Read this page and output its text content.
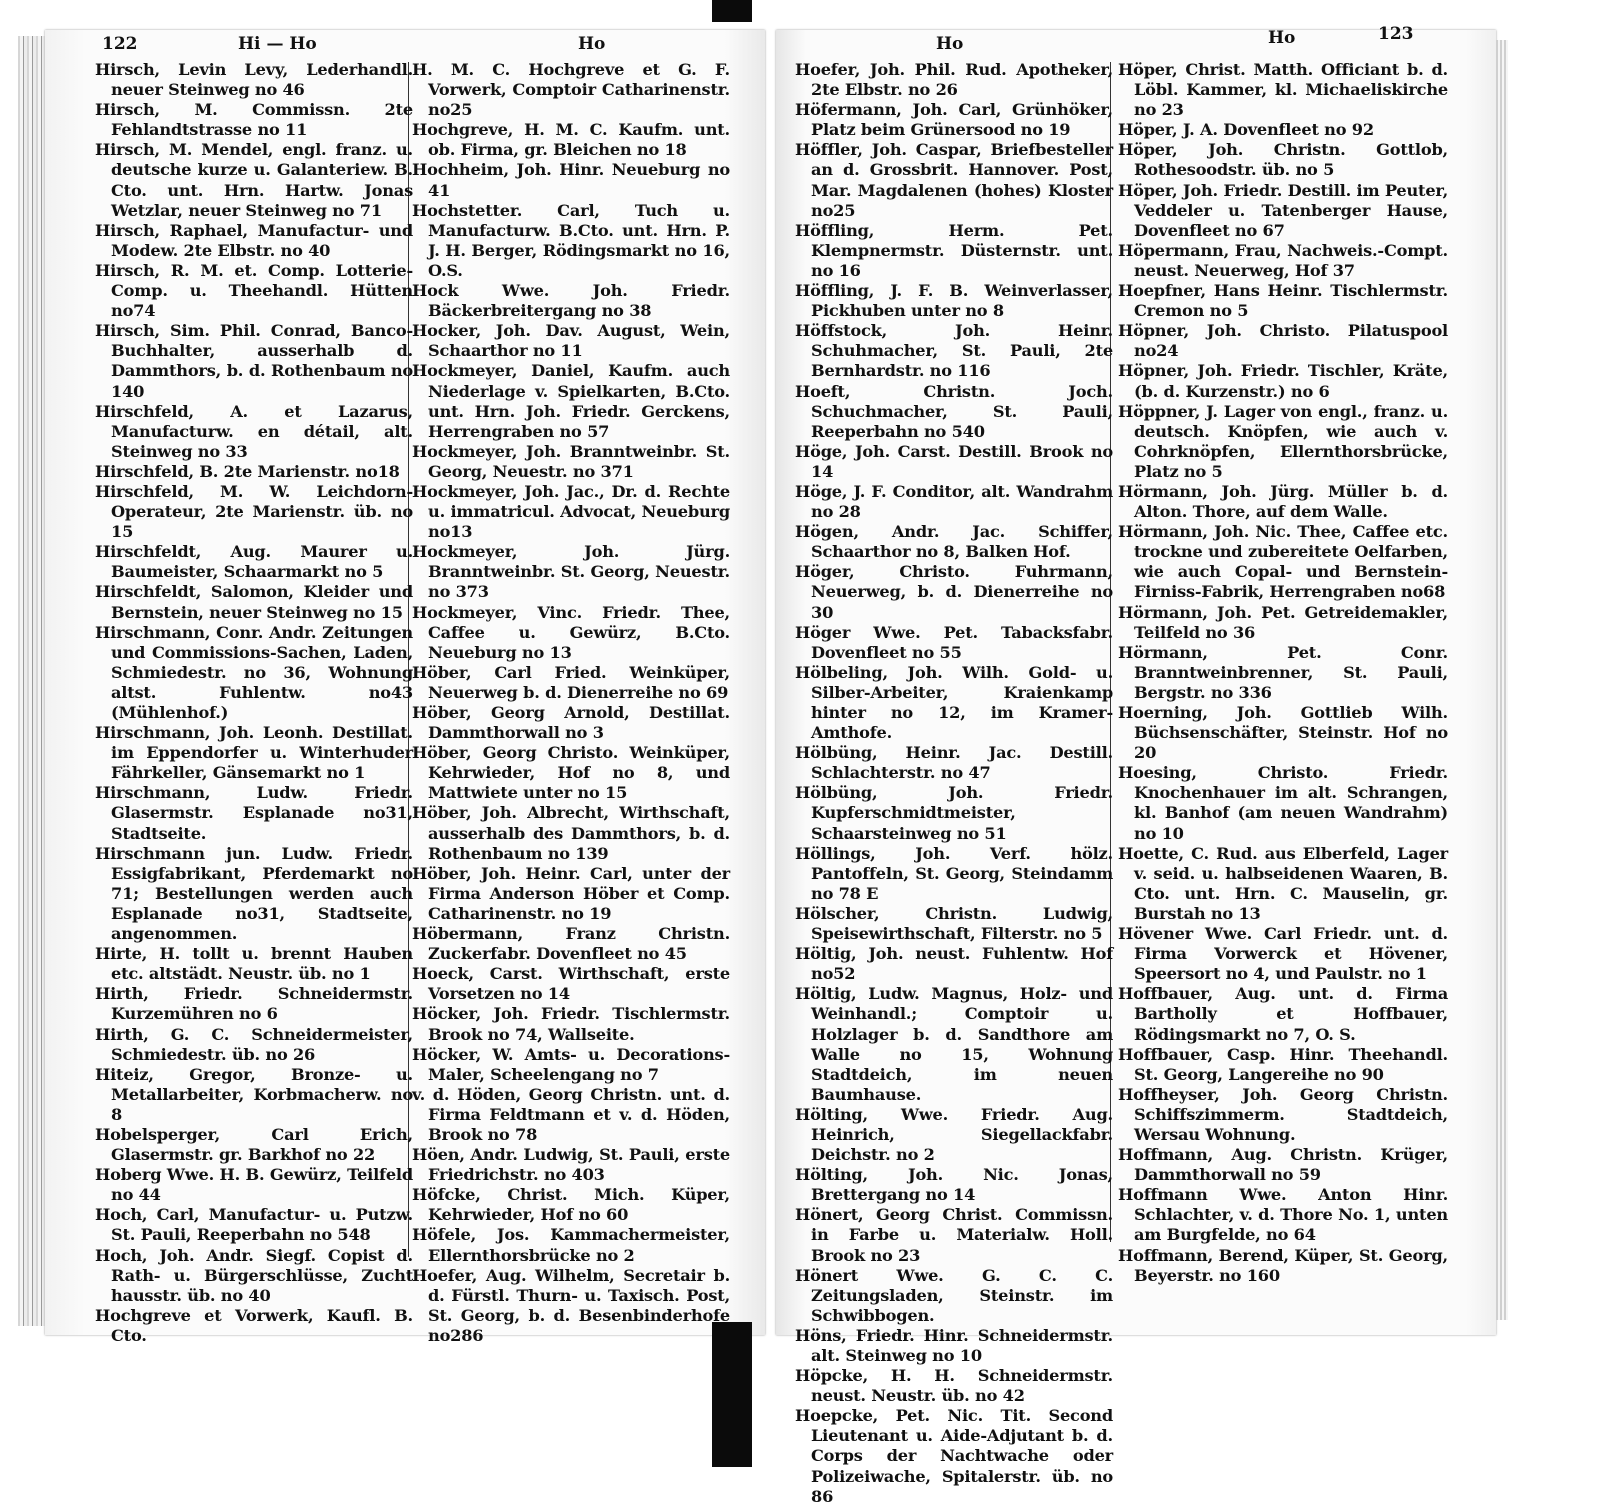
122	Hi — Ho	Ho	Ho	Ho	123
Hirsch, Levin Levy, Lederhandl. neuer Steinweg no 46
Hirsch, M. Commissn. 2te Fehlandtstrasse no 11
Hirsch, M. Mendel, engl. franz. u. deutsche kurze u. Galanteriew. B. Cto. unt. Hrn. Hartw. Jonas Wetzlar, neuer Steinweg no 71
Hirsch, Raphael, Manufactur- und Modew. 2te Elbstr. no 40
Hirsch, R. M. et. Comp. Lotterie-Comp. u. Theehandl. Hütten no74
Hirsch, Sim. Phil. Conrad, Banco-Buchhalter, ausserhalb d. Dammthors, b. d. Rothenbaum no 140
Hirschfeld, A. et Lazarus, Manufacturw. en détail, alt. Steinweg no 33
Hirschfeld, B. 2te Marienstr. no18
Hirschfeld, M. W. Leichdorn-Operateur, 2te Marienstr. üb. no 15
Hirschfeldt, Aug. Maurer u. Baumeister, Schaarmarkt no 5
Hirschfeldt, Salomon, Kleider und Bernstein, neuer Steinweg no 15
Hirschmann, Conr. Andr. Zeitungen und Commissions-Sachen, Laden, Schmiedestr. no 36, Wohnung altst. Fuhlentw. no43 (Mühlenhof.)
Hirschmann, Joh. Leonh. Destillat. im Eppendorfer u. Winterhuder Fährkeller, Gänsemarkt no 1
Hirschmann, Ludw. Friedr. Glasermstr. Esplanade no31, Stadtseite.
Hirschmann jun. Ludw. Friedr. Essigfabrikant, Pferdemarkt no 71; Bestellungen werden auch Esplanade no31, Stadtseite, angenommen.
Hirte, H. tollt u. brennt Hauben etc. altstädt. Neustr. üb. no 1
Hirth, Friedr. Schneidermstr. Kurzemühren no 6
Hirth, G. C. Schneidermeister, Schmiedestr. üb. no 26
Hiteiz, Gregor, Bronze- u. Metallarbeiter, Korbmacherw. no 8
Hobelsperger, Carl Erich, Glasermstr. gr. Barkhof no 22
Hoberg Wwe. H. B. Gewürz, Teilfeld no 44
Hoch, Carl, Manufactur- u. Putzw. St. Pauli, Reeperbahn no 548
Hoch, Joh. Andr. Siegf. Copist d. Rath- u. Bürgerschlüsse, Zucht hausstr. üb. no 40
Hochgreve et Vorwerk, Kaufl. B. Cto.
H. M. C. Hochgreve et G. F. Vorwerk, Comptoir Catharinenstr. no25
Hochgreve, H. M. C. Kaufm. unt. ob. Firma, gr. Bleichen no 18
Hochheim, Joh. Hinr. Neueburg no 41
Hochstetter. Carl, Tuch u. Manufacturw. B.Cto. unt. Hrn. P. J. H. Berger, Rödingsmarkt no 16, O.S.
Hock Wwe. Joh. Friedr. Bäckerbreitergang no 38
Hocker, Joh. Dav. August, Wein, Schaarthor no 11
Hockmeyer, Daniel, Kaufm. auch Niederlage v. Spielkarten, B.Cto. unt. Hrn. Joh. Friedr. Gerckens, Herrengraben no 57
Hockmeyer, Joh. Branntweinbr. St. Georg, Neuestr. no 371
Hockmeyer, Joh. Jac., Dr. d. Rechte u. immatricul. Advocat, Neueburg no13
Hockmeyer, Joh. Jürg. Branntweinbr. St. Georg, Neuestr. no 373
Hockmeyer, Vinc. Friedr. Thee, Caffee u. Gewürz, B.Cto. Neueburg no 13
Höber, Carl Fried. Weinküper, Neuerweg b. d. Dienerreihe no 69
Höber, Georg Arnold, Destillat. Dammthorwall no 3
Höber, Georg Christo. Weinküper, Kehrwieder, Hof no 8, und Mattwiete unter no 15
Höber, Joh. Albrecht, Wirthschaft, ausserhalb des Dammthors, b. d. Rothenbaum no 139
Höber, Joh. Heinr. Carl, unter der Firma Anderson Höber et Comp. Catharinenstr. no 19
Höbermann, Franz Christn. Zuckerfabr. Dovenfleet no 45
Hoeck, Carst. Wirthschaft, erste Vorsetzen no 14
Höcker, Joh. Friedr. Tischlermstr. Brook no 74, Wallseite.
Höcker, W. Amts- u. Decorations-Maler, Scheelengang no 7
v. d. Höden, Georg Christn. unt. d. Firma Feldtmann et v. d. Höden, Brook no 78
Höen, Andr. Ludwig, St. Pauli, erste Friedrichstr. no 403
Höfcke, Christ. Mich. Küper, Kehrwieder, Hof no 60
Höfele, Jos. Kammachermeister, Ellernthorsbrücke no 2
Hoefer, Aug. Wilhelm, Secretair b. d. Fürstl. Thurn- u. Taxisch. Post, St. Georg, b. d. Besenbinderhofe no286
Hoefer, Joh. Phil. Rud. Apotheker, 2te Elbstr. no 26
Höfermann, Joh. Carl, Grünhöker, Platz beim Grünersood no 19
Höffler, Joh. Caspar, Briefbesteller an d. Grossbrit. Hannover. Post, Mar. Magdalenen (hohes) Kloster no25
Höffling, Herm. Pet. Klempnermstr. Düsternstr. unt. no 16
Höffling, J. F. B. Weinverlasser, Pickhuben unter no 8
Höffstock, Joh. Heinr. Schuhmacher, St. Pauli, 2te Bernhardstr. no 116
Hoeft, Christn. Joch. Schuchmacher, St. Pauli, Reeperbahn no 540
Höge, Joh. Carst. Destill. Brook no 14
Höge, J. F. Conditor, alt. Wandrahm no 28
Högen, Andr. Jac. Schiffer, Schaarthor no 8, Balken Hof.
Höger, Christo. Fuhrmann, Neuerweg, b. d. Dienerreihe no 30
Höger Wwe. Pet. Tabacksfabr. Dovenfleet no 55
Hölbeling, Joh. Wilh. Gold- u. Silber-Arbeiter, Kraienkamp hinter no 12, im Kramer-Amthofe.
Hölbüng, Heinr. Jac. Destill. Schlachterstr. no 47
Hölbüng, Joh. Friedr. Kupferschmidtmeister, Schaarsteinweg no 51
Höllings, Joh. Verf. hölz. Pantoffeln, St. Georg, Steindamm no 78 E
Hölscher, Christn. Ludwig, Speisewirthschaft, Filterstr. no 5
Höltig, Joh. neust. Fuhlentw. Hof no52
Höltig, Ludw. Magnus, Holz- und Weinhandl.; Comptoir u. Holzlager b. d. Sandthore am Walle no 15, Wohnung Stadtdeich, im neuen Baumhause.
Hölting, Wwe. Friedr. Aug. Heinrich, Siegellackfabr. Deichstr. no 2
Hölting, Joh. Nic. Jonas, Brettergang no 14
Hönert, Georg Christ. Commissn. in Farbe u. Materialw. Holl. Brook no 23
Hönert Wwe. G. C. C. Zeitungsladen, Steinstr. im Schwibbogen.
Höns, Friedr. Hinr. Schneidermstr. alt. Steinweg no 10
Höpcke, H. H. Schneidermstr. neust. Neustr. üb. no 42
Hoepcke, Pet. Nic. Tit. Second Lieutenant u. Aide-Adjutant b. d. Corps der Nachtwache oder Polizeiwache, Spitalerstr. üb. no 86
Höper, Christ. Matth. Officiant b. d. Löbl. Kammer, kl. Michaeliskirche no 23
Höper, J. A. Dovenfleet no 92
Höper, Joh. Christn. Gottlob, Rothesoodstr. üb. no 5
Höper, Joh. Friedr. Destill. im Peuter, Veddeler u. Tatenberger Hause, Dovenfleet no 67
Höpermann, Frau, Nachweis.-Compt. neust. Neuerweg, Hof 37
Hoepfner, Hans Heinr. Tischlermstr. Cremon no 5
Höpner, Joh. Christo. Pilatuspool no24
Höpner, Joh. Friedr. Tischler, Kräte, (b. d. Kurzenstr.) no 6
Höppner, J. Lager von engl., franz. u. deutsch. Knöpfen, wie auch v. Cohrknöpfen, Ellernthorsbrücke, Platz no 5
Hörmann, Joh. Jürg. Müller b. d. Alton. Thore, auf dem Walle.
Hörmann, Joh. Nic. Thee, Caffee etc. trockne und zubereitete Oelfarben, wie auch Copal- und Bernstein-Firniss-Fabrik, Herrengraben no68
Hörmann, Joh. Pet. Getreidemakler, Teilfeld no 36
Hörmann, Pet. Conr. Branntweinbrenner, St. Pauli, Bergstr. no 336
Hoerning, Joh. Gottlieb Wilh. Büchsenschäfter, Steinstr. Hof no 20
Hoesing, Christo. Friedr. Knochenhauer im alt. Schrangen, kl. Banhof (am neuen Wandrahm) no 10
Hoette, C. Rud. aus Elberfeld, Lager v. seid. u. halbseidenen Waaren, B. Cto. unt. Hrn. C. Mauselin, gr. Burstah no 13
Hövener Wwe. Carl Friedr. unt. d. Firma Vorwerck et Hövener, Speersort no 4, und Paulstr. no 1
Hoffbauer, Aug. unt. d. Firma Bartholly et Hoffbauer, Rödingsmarkt no 7, O. S.
Hoffbauer, Casp. Hinr. Theehandl. St. Georg, Langereihe no 90
Hoffheyser, Joh. Georg Christn. Schiffszimmerm. Stadtdeich, Wersau Wohnung.
Hoffmann, Aug. Christn. Krüger, Dammthorwall no 59
Hoffmann Wwe. Anton Hinr. Schlachter, v. d. Thore No. 1, unten am Burgfelde, no 64
Hoffmann, Berend, Küper, St. Georg, Beyerstr. no 160
